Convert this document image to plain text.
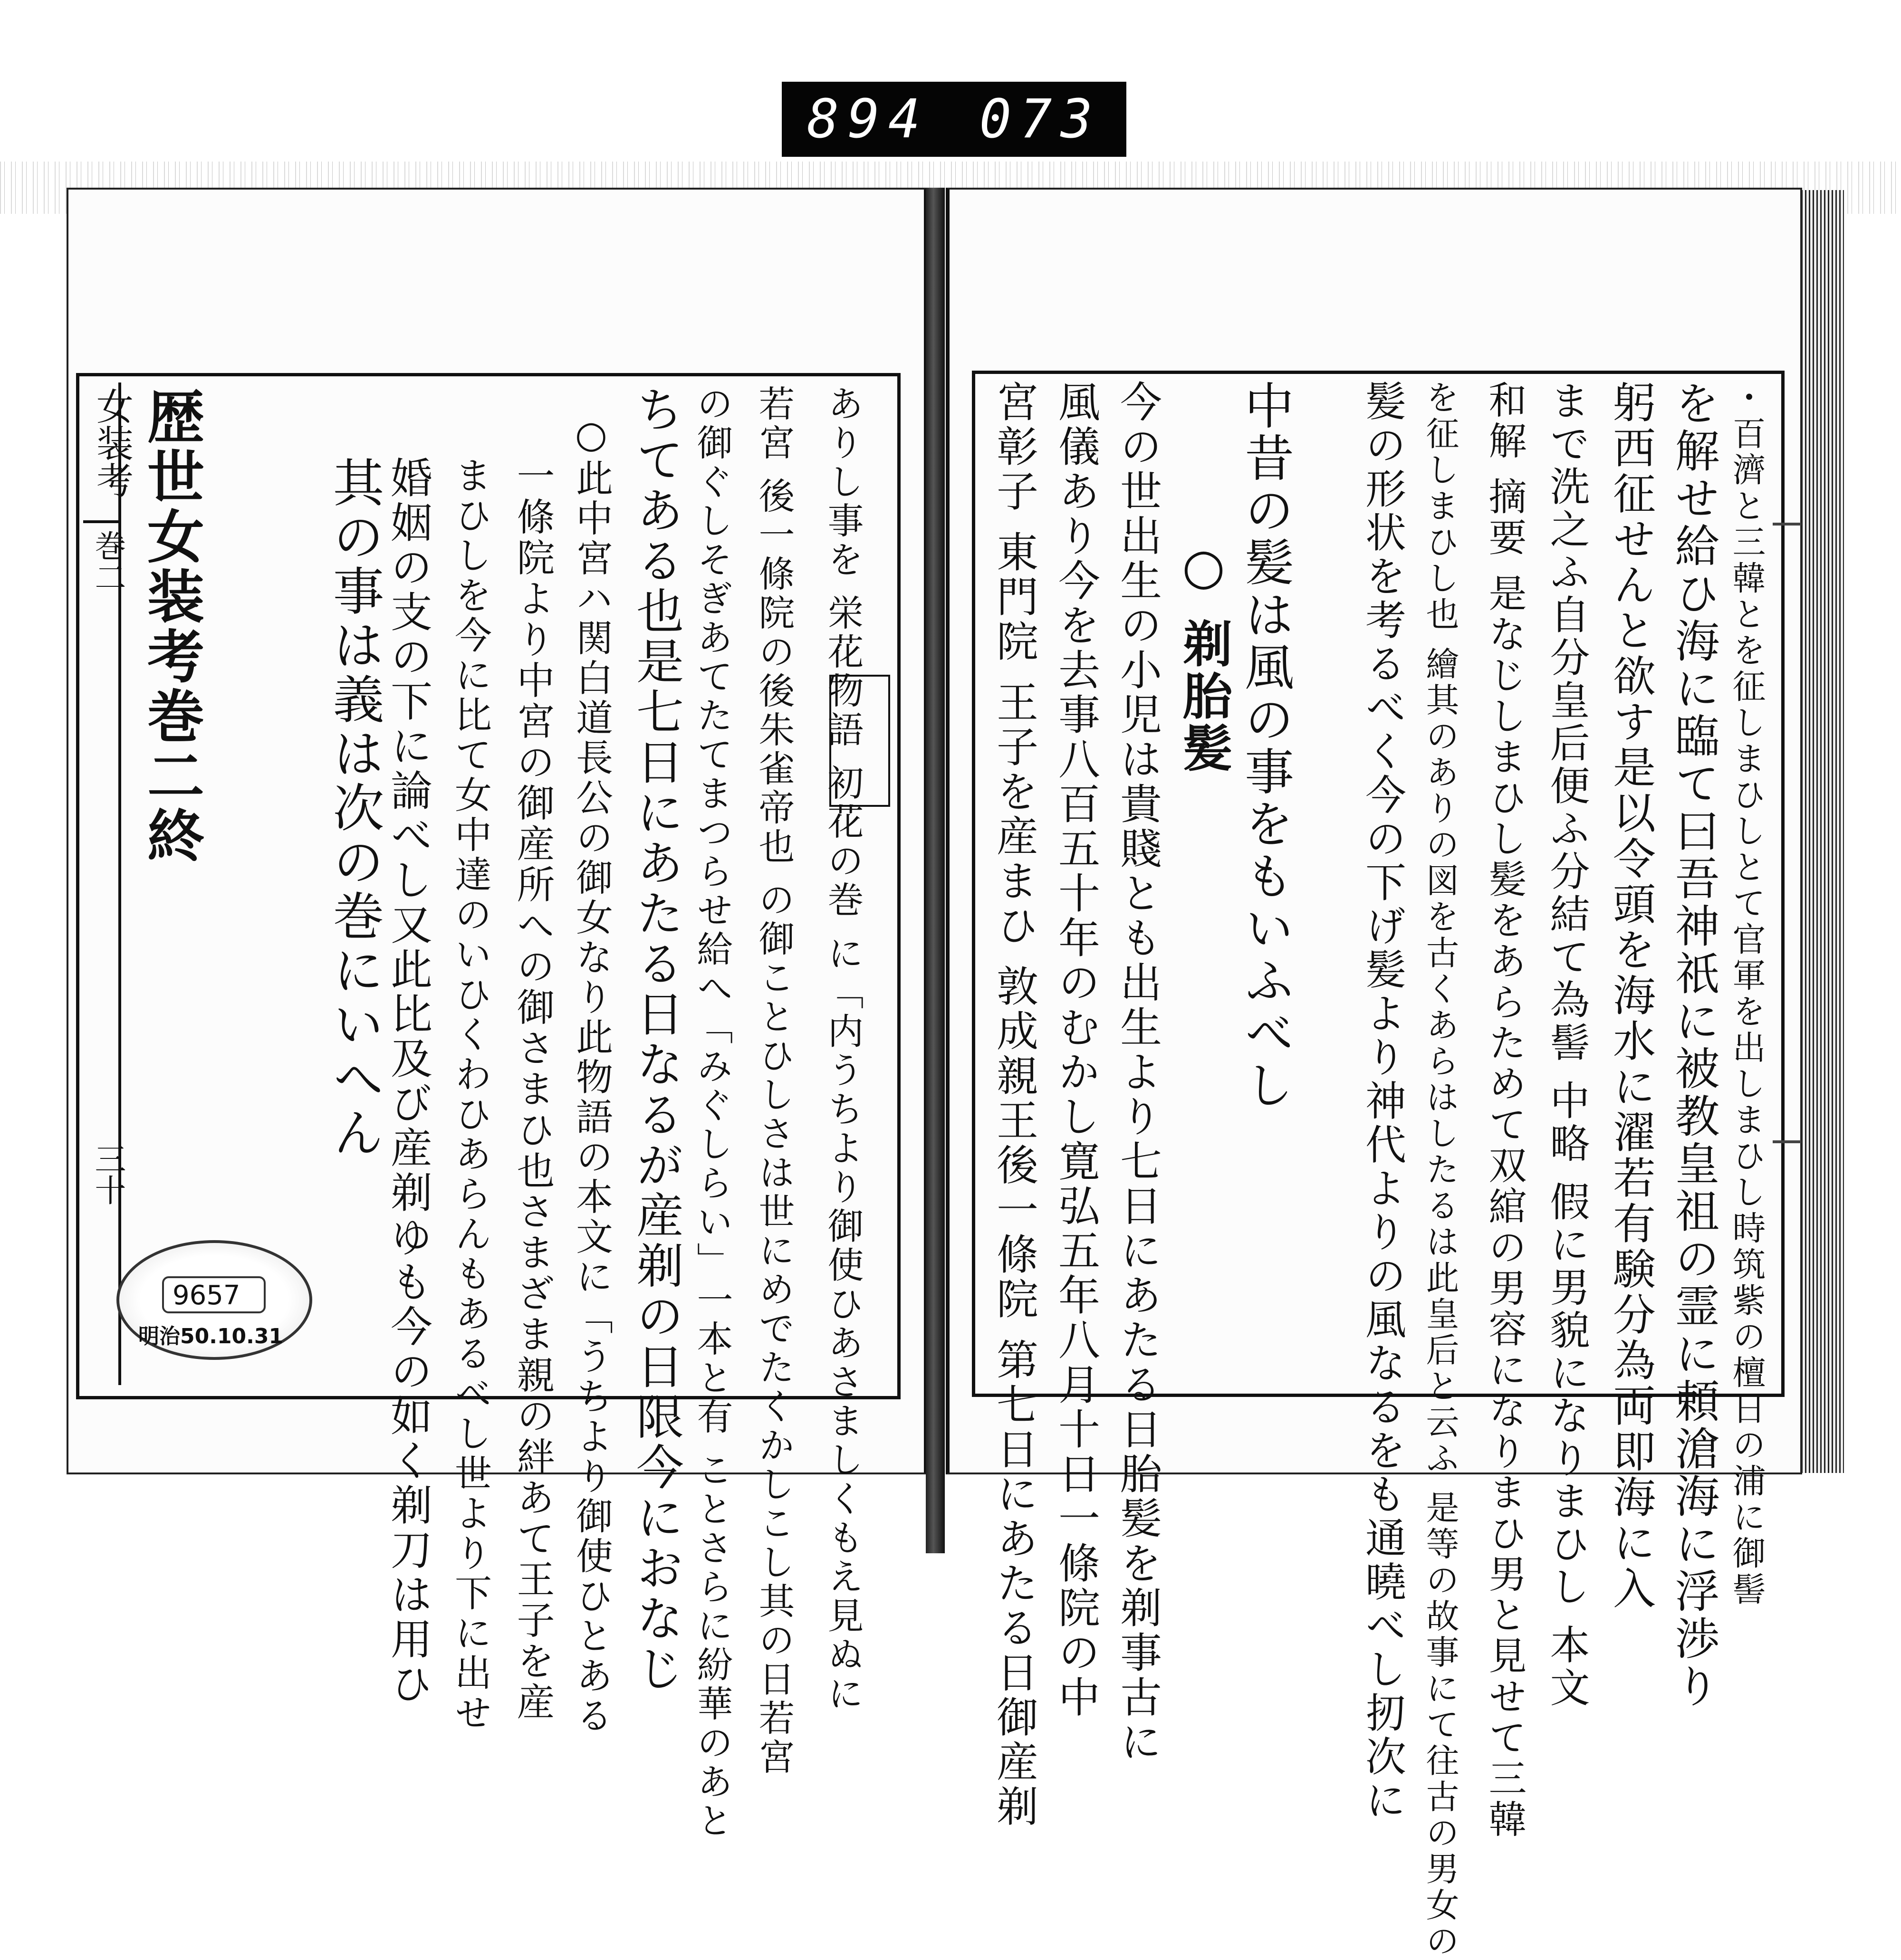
894 073
女装考
巻二
三十
歴世女装考巻二終 其の事は義は次の巻にいへん 婚姻の支の下に論べし又此比及び産剃ゆも今の如く剃刀は用ひ まひしを今に比て女中達のいひくわひあらんもあるべし世より下に出せ 一條院より中宮の御産所への御さまひ也さまざま親の絆あて王子を産 ○此中宮ハ関白道長公の御女なり此物語の本文に「うちより御使ひとある ちてある也是七日にあたる日なるが産剃の日限今におなじ の御ぐしそぎあてたてまつらせ給へ「みぐしらい」一本と有 ことさらに紛華のあと 若宮 後一條院の後朱雀帝也 の御ことひしさは世にめでたくかしこし其の日若宮 ありし事を 栄花物語 初花の巻 に「内うちより御使ひあさましくもえ見ぬに
9657
明治50.10.31	・百濟と三韓とを征しまひしとて官軍を出しまひし時筑紫の檀日の浦に御髻
を解せ給ひ海に臨て曰吾神祇に被教皇祖の霊に頼滄海に浮渉り
躬西征せんと欲す是以令頭を海水に濯若有験分為両即海に入
まで洗之ふ自分皇后便ふ分結て為髻 中略 假に男貌になりまひし 本文
和解 摘要 是なじしまひし髪をあらためて双綰の男容になりまひ男と見せて三韓
を征しまひし也 繪其のありの図を古くあらはしたるは此皇后と云ふ 是等の故事にて往古の男女の
髪の形状を考るべく今の下げ髪より神代よりの風なるをも通曉べし扨次に
中昔の髪は風の事をもいふべし
○ 剃胎髪
今の世出生の小児は貴賤とも出生より七日にあたる日胎髪を剃事古に
風儀あり今を去事八百五十年のむかし寛弘五年八月十日一條院の中
宮彰子 東門院 王子を産まひ 敦成親王後一條院 第七日にあたる日御産剃
